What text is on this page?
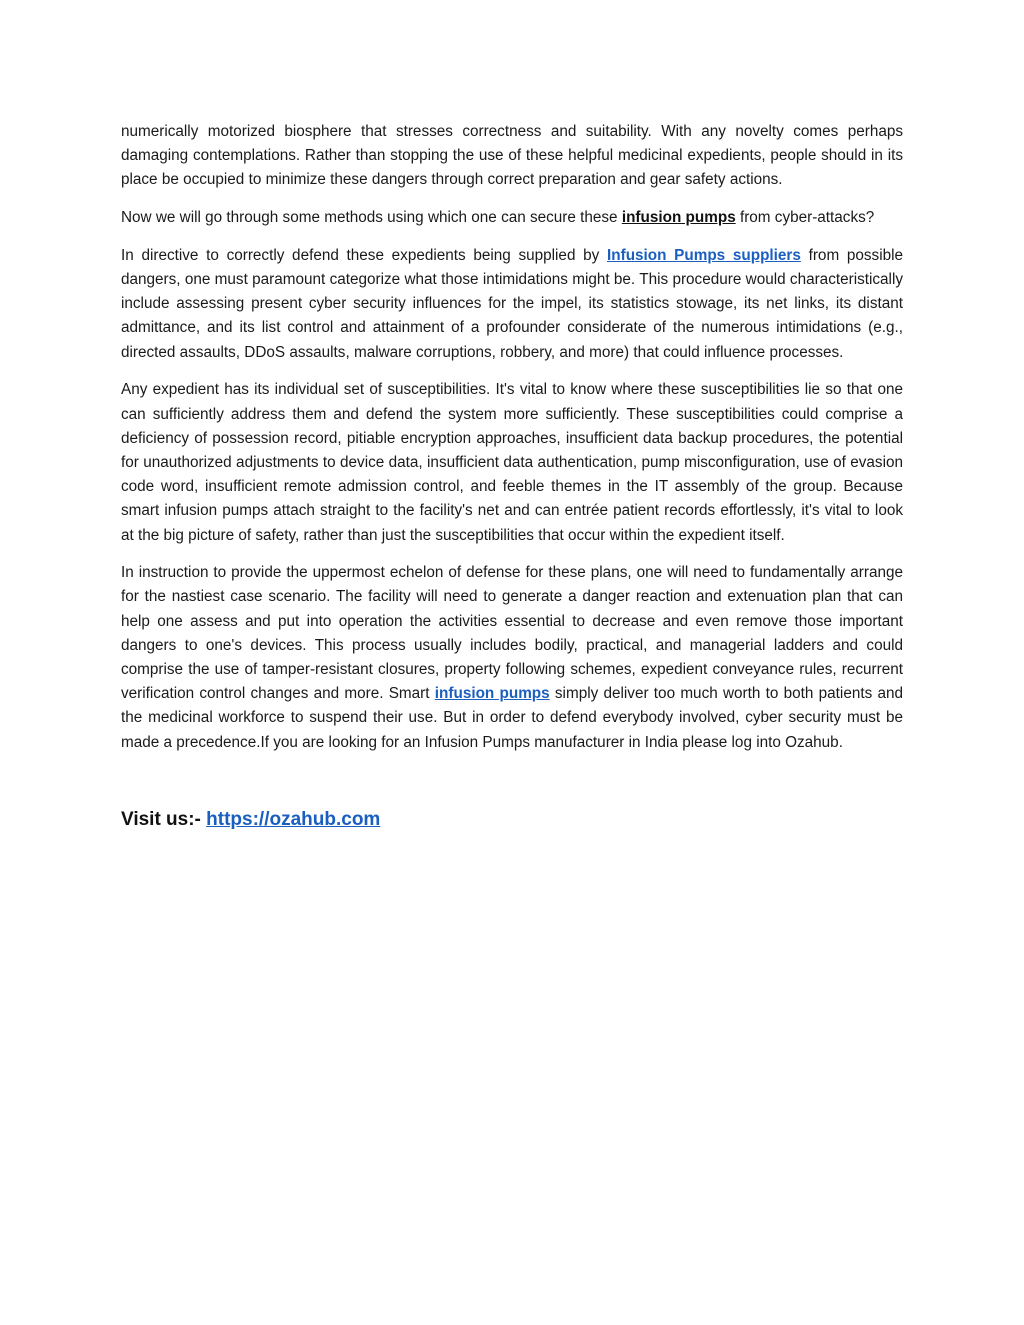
numerically motorized biosphere that stresses correctness and suitability. With any novelty comes perhaps damaging contemplations. Rather than stopping the use of these helpful medicinal expedients, people should in its place be occupied to minimize these dangers through correct preparation and gear safety actions.

Now we will go through some methods using which one can secure these infusion pumps from cyber-attacks?

In directive to correctly defend these expedients being supplied by Infusion Pumps suppliers from possible dangers, one must paramount categorize what those intimidations might be. This procedure would characteristically include assessing present cyber security influences for the impel, its statistics stowage, its net links, its distant admittance, and its list control and attainment of a profounder considerate of the numerous intimidations (e.g., directed assaults, DDoS assaults, malware corruptions, robbery, and more) that could influence processes.

Any expedient has its individual set of susceptibilities. It's vital to know where these susceptibilities lie so that one can sufficiently address them and defend the system more sufficiently. These susceptibilities could comprise a deficiency of possession record, pitiable encryption approaches, insufficient data backup procedures, the potential for unauthorized adjustments to device data, insufficient data authentication, pump misconfiguration, use of evasion code word, insufficient remote admission control, and feeble themes in the IT assembly of the group. Because smart infusion pumps attach straight to the facility's net and can entrée patient records effortlessly, it's vital to look at the big picture of safety, rather than just the susceptibilities that occur within the expedient itself.

In instruction to provide the uppermost echelon of defense for these plans, one will need to fundamentally arrange for the nastiest case scenario. The facility will need to generate a danger reaction and extenuation plan that can help one assess and put into operation the activities essential to decrease and even remove those important dangers to one's devices. This process usually includes bodily, practical, and managerial ladders and could comprise the use of tamper-resistant closures, property following schemes, expedient conveyance rules, recurrent verification control changes and more. Smart infusion pumps simply deliver too much worth to both patients and the medicinal workforce to suspend their use. But in order to defend everybody involved, cyber security must be made a precedence.If you are looking for an Infusion Pumps manufacturer in India please log into Ozahub.

Visit us:- https://ozahub.com
